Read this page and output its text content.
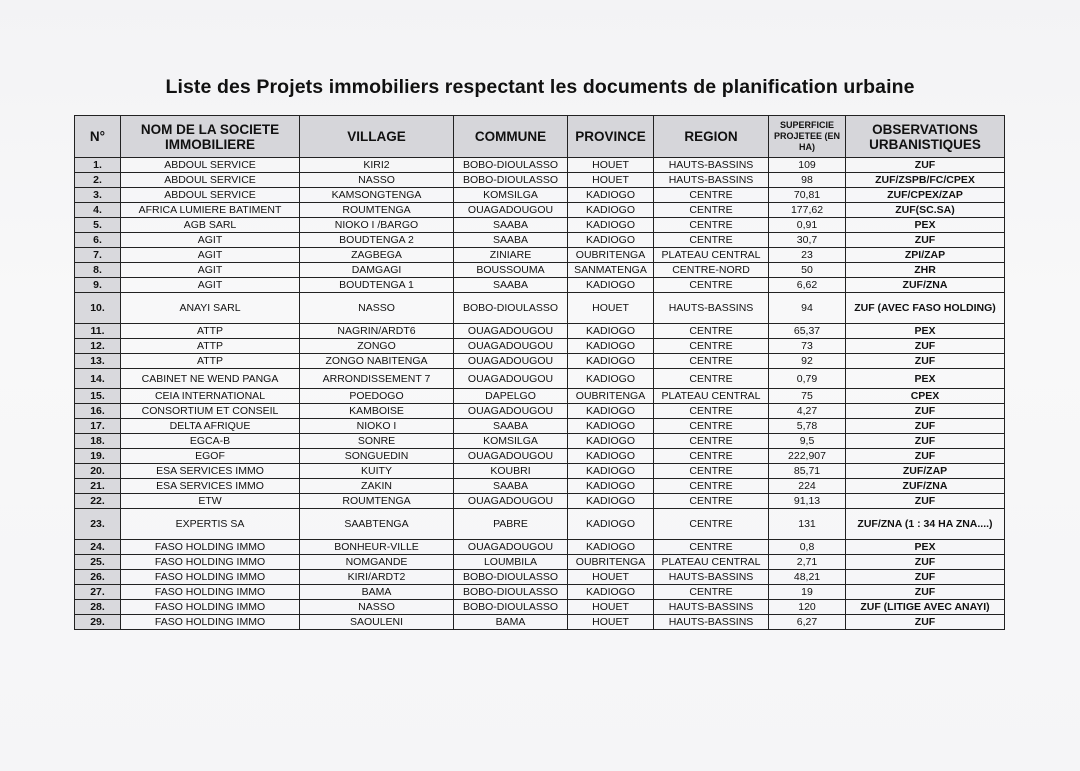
Liste des Projets immobiliers respectant les documents de planification urbaine
N°	NOM DE LA SOCIETE IMMOBILIERE	VILLAGE	COMMUNE	PROVINCE	REGION	SUPERFICIE PROJETEE (EN HA)	OBSERVATIONS URBANISTIQUES
1.	ABDOUL SERVICE	KIRI2	BOBO-DIOULASSO	HOUET	HAUTS-BASSINS	109	ZUF
2.	ABDOUL SERVICE	NASSO	BOBO-DIOULASSO	HOUET	HAUTS-BASSINS	98	ZUF/ZSPB/FC/CPEX
3.	ABDOUL SERVICE	KAMSONGTENGA	KOMSILGA	KADIOGO	CENTRE	70,81	ZUF/CPEX/ZAP
4.	AFRICA LUMIERE BATIMENT	ROUMTENGA	OUAGADOUGOU	KADIOGO	CENTRE	177,62	ZUF(SC.SA)
5.	AGB SARL	NIOKO I /BARGO	SAABA	KADIOGO	CENTRE	0,91	PEX
6.	AGIT	BOUDTENGA 2	SAABA	KADIOGO	CENTRE	30,7	ZUF
7.	AGIT	ZAGBEGA	ZINIARE	OUBRITENGA	PLATEAU CENTRAL	23	ZPI/ZAP
8.	AGIT	DAMGAGI	BOUSSOUMA	SANMATENGA	CENTRE-NORD	50	ZHR
9.	AGIT	BOUDTENGA 1	SAABA	KADIOGO	CENTRE	6,62	ZUF/ZNA
10.	ANAYI SARL	NASSO	BOBO-DIOULASSO	HOUET	HAUTS-BASSINS	94	ZUF (AVEC FASO HOLDING)
11.	ATTP	NAGRIN/ARDT6	OUAGADOUGOU	KADIOGO	CENTRE	65,37	PEX
12.	ATTP	ZONGO	OUAGADOUGOU	KADIOGO	CENTRE	73	ZUF
13.	ATTP	ZONGO NABITENGA	OUAGADOUGOU	KADIOGO	CENTRE	92	ZUF
14.	CABINET NE WEND PANGA	ARRONDISSEMENT 7	OUAGADOUGOU	KADIOGO	CENTRE	0,79	PEX
15.	CEIA INTERNATIONAL	POEDOGO	DAPELGO	OUBRITENGA	PLATEAU CENTRAL	75	CPEX
16.	CONSORTIUM ET CONSEIL	KAMBOISE	OUAGADOUGOU	KADIOGO	CENTRE	4,27	ZUF
17.	DELTA AFRIQUE	NIOKO I	SAABA	KADIOGO	CENTRE	5,78	ZUF
18.	EGCA-B	SONRE	KOMSILGA	KADIOGO	CENTRE	9,5	ZUF
19.	EGOF	SONGUEDIN	OUAGADOUGOU	KADIOGO	CENTRE	222,907	ZUF
20.	ESA SERVICES IMMO	KUITY	KOUBRI	KADIOGO	CENTRE	85,71	ZUF/ZAP
21.	ESA SERVICES IMMO	ZAKIN	SAABA	KADIOGO	CENTRE	224	ZUF/ZNA
22.	ETW	ROUMTENGA	OUAGADOUGOU	KADIOGO	CENTRE	91,13	ZUF
23.	EXPERTIS SA	SAABTENGA	PABRE	KADIOGO	CENTRE	131	ZUF/ZNA (1 : 34 HA ZNA....)
24.	FASO HOLDING IMMO	BONHEUR-VILLE	OUAGADOUGOU	KADIOGO	CENTRE	0,8	PEX
25.	FASO HOLDING IMMO	NOMGANDE	LOUMBILA	OUBRITENGA	PLATEAU CENTRAL	2,71	ZUF
26.	FASO HOLDING IMMO	KIRI/ARDT2	BOBO-DIOULASSO	HOUET	HAUTS-BASSINS	48,21	ZUF
27.	FASO HOLDING IMMO	BAMA	BOBO-DIOULASSO	KADIOGO	CENTRE	19	ZUF
28.	FASO HOLDING IMMO	NASSO	BOBO-DIOULASSO	HOUET	HAUTS-BASSINS	120	ZUF (LITIGE AVEC ANAYI)
29.	FASO HOLDING IMMO	SAOULENI	BAMA	HOUET	HAUTS-BASSINS	6,27	ZUF
